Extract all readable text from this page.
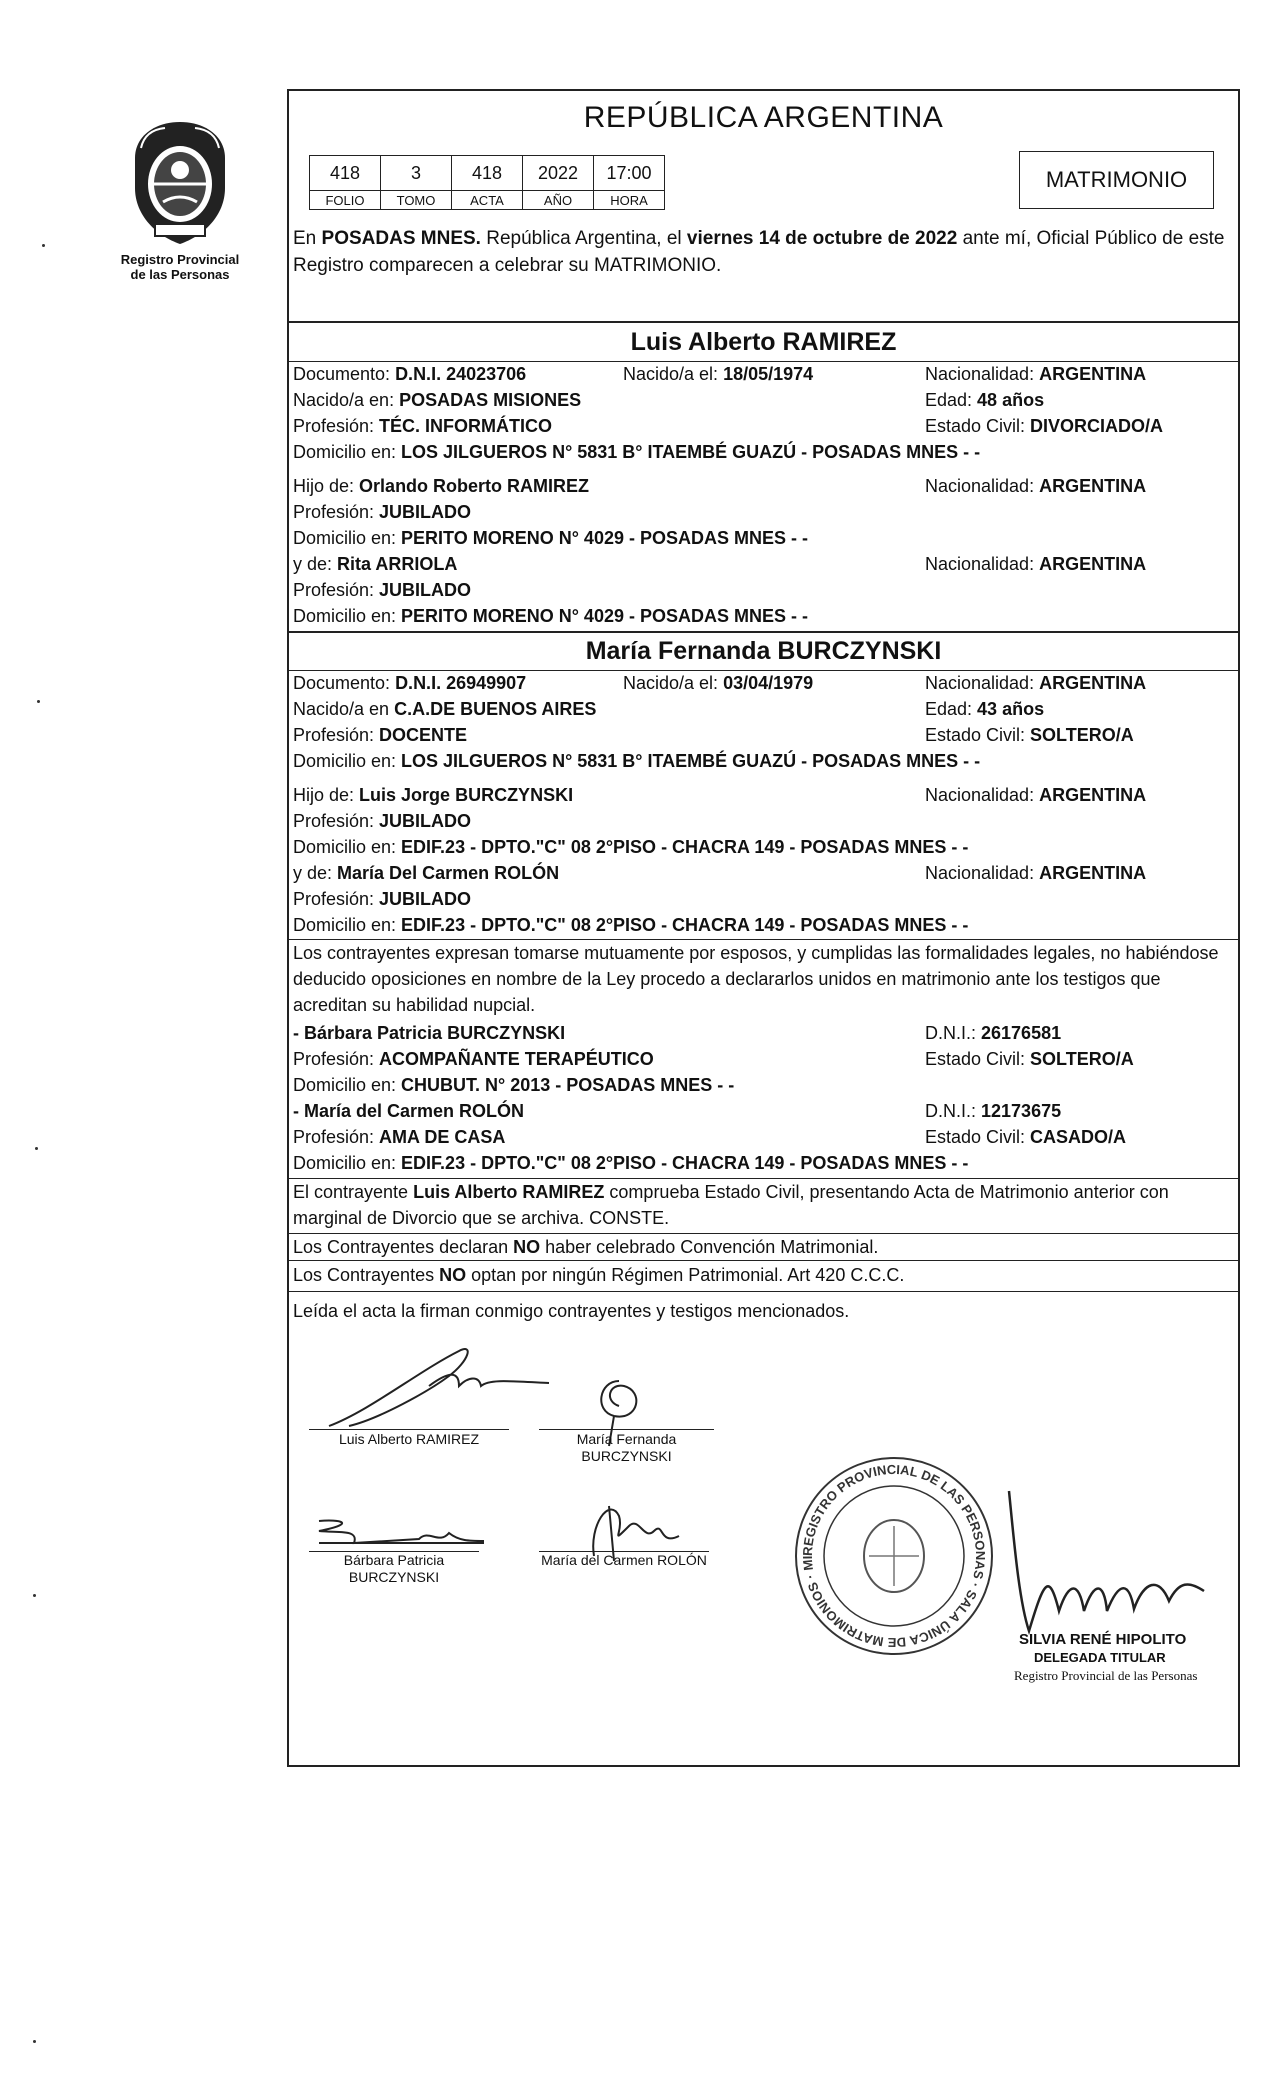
Registro Provincial
de las Personas
REPÚBLICA ARGENTINA
418	3	418	2022	17:00
FOLIO	TOMO	ACTA	AÑO	HORA
MATRIMONIO
En POSADAS MNES. República Argentina, el viernes 14 de octubre de 2022 ante mí, Oficial Público de este Registro comparecen a celebrar su MATRIMONIO.
Luis Alberto RAMIREZ
Documento: D.N.I. 24023706	Nacido/a el: 18/05/1974	Nacionalidad: ARGENTINA
Nacido/a en: POSADAS MISIONES	Edad: 48 años
Profesión: TÉC. INFORMÁTICO	Estado Civil: DIVORCIADO/A
Domicilio en: LOS JILGUEROS N° 5831 B° ITAEMBÉ GUAZÚ - POSADAS MNES - -
Hijo de: Orlando Roberto RAMIREZ	Nacionalidad: ARGENTINA
Profesión: JUBILADO
Domicilio en: PERITO MORENO N° 4029 - POSADAS MNES - -
y de: Rita ARRIOLA	Nacionalidad: ARGENTINA
Profesión: JUBILADO
Domicilio en: PERITO MORENO N° 4029 - POSADAS MNES - -
María Fernanda BURCZYNSKI
Documento: D.N.I. 26949907	Nacido/a el: 03/04/1979	Nacionalidad: ARGENTINA
Nacido/a en C.A.DE BUENOS AIRES	Edad: 43 años
Profesión: DOCENTE	Estado Civil: SOLTERO/A
Domicilio en: LOS JILGUEROS N° 5831 B° ITAEMBÉ GUAZÚ - POSADAS MNES - -
Hijo de: Luis Jorge BURCZYNSKI	Nacionalidad: ARGENTINA
Profesión: JUBILADO
Domicilio en: EDIF.23 - DPTO."C" 08 2°PISO - CHACRA 149 - POSADAS MNES - -
y de: María Del Carmen ROLÓN	Nacionalidad: ARGENTINA
Profesión: JUBILADO
Domicilio en: EDIF.23 - DPTO."C" 08 2°PISO - CHACRA 149 - POSADAS MNES - -
Los contrayentes expresan tomarse mutuamente por esposos, y cumplidas las formalidades legales, no habiéndose deducido oposiciones en nombre de la Ley procedo a declararlos unidos en matrimonio ante los testigos que acreditan su habilidad nupcial.
- Bárbara Patricia BURCZYNSKI	D.N.I.: 26176581
Profesión: ACOMPAÑANTE TERAPÉUTICO	Estado Civil: SOLTERO/A
Domicilio en: CHUBUT. N° 2013 - POSADAS MNES - -
- María del Carmen ROLÓN	D.N.I.: 12173675
Profesión: AMA DE CASA	Estado Civil: CASADO/A
Domicilio en: EDIF.23 - DPTO."C" 08 2°PISO - CHACRA 149 - POSADAS MNES - -
El contrayente Luis Alberto RAMIREZ comprueba Estado Civil, presentando Acta de Matrimonio anterior con marginal de Divorcio que se archiva. CONSTE.
Los Contrayentes declaran NO haber celebrado Convención Matrimonial.
Los Contrayentes NO optan por ningún Régimen Patrimonial. Art 420 C.C.C.
Leída el acta la firman conmigo contrayentes y testigos mencionados.
Luis Alberto RAMIREZ	María Fernanda
BURCZYNSKI
Bárbara Patricia
BURCZYNSKI
María del Carmen ROLÓN
REGISTRO PROVINCIAL DE LAS PERSONAS · SALA ÚNICA DE MATRIMONIOS · MISIONES · POSADAS
SILVIA RENÉ HIPOLITO
DELEGADA TITULAR
Registro Provincial de las Personas
